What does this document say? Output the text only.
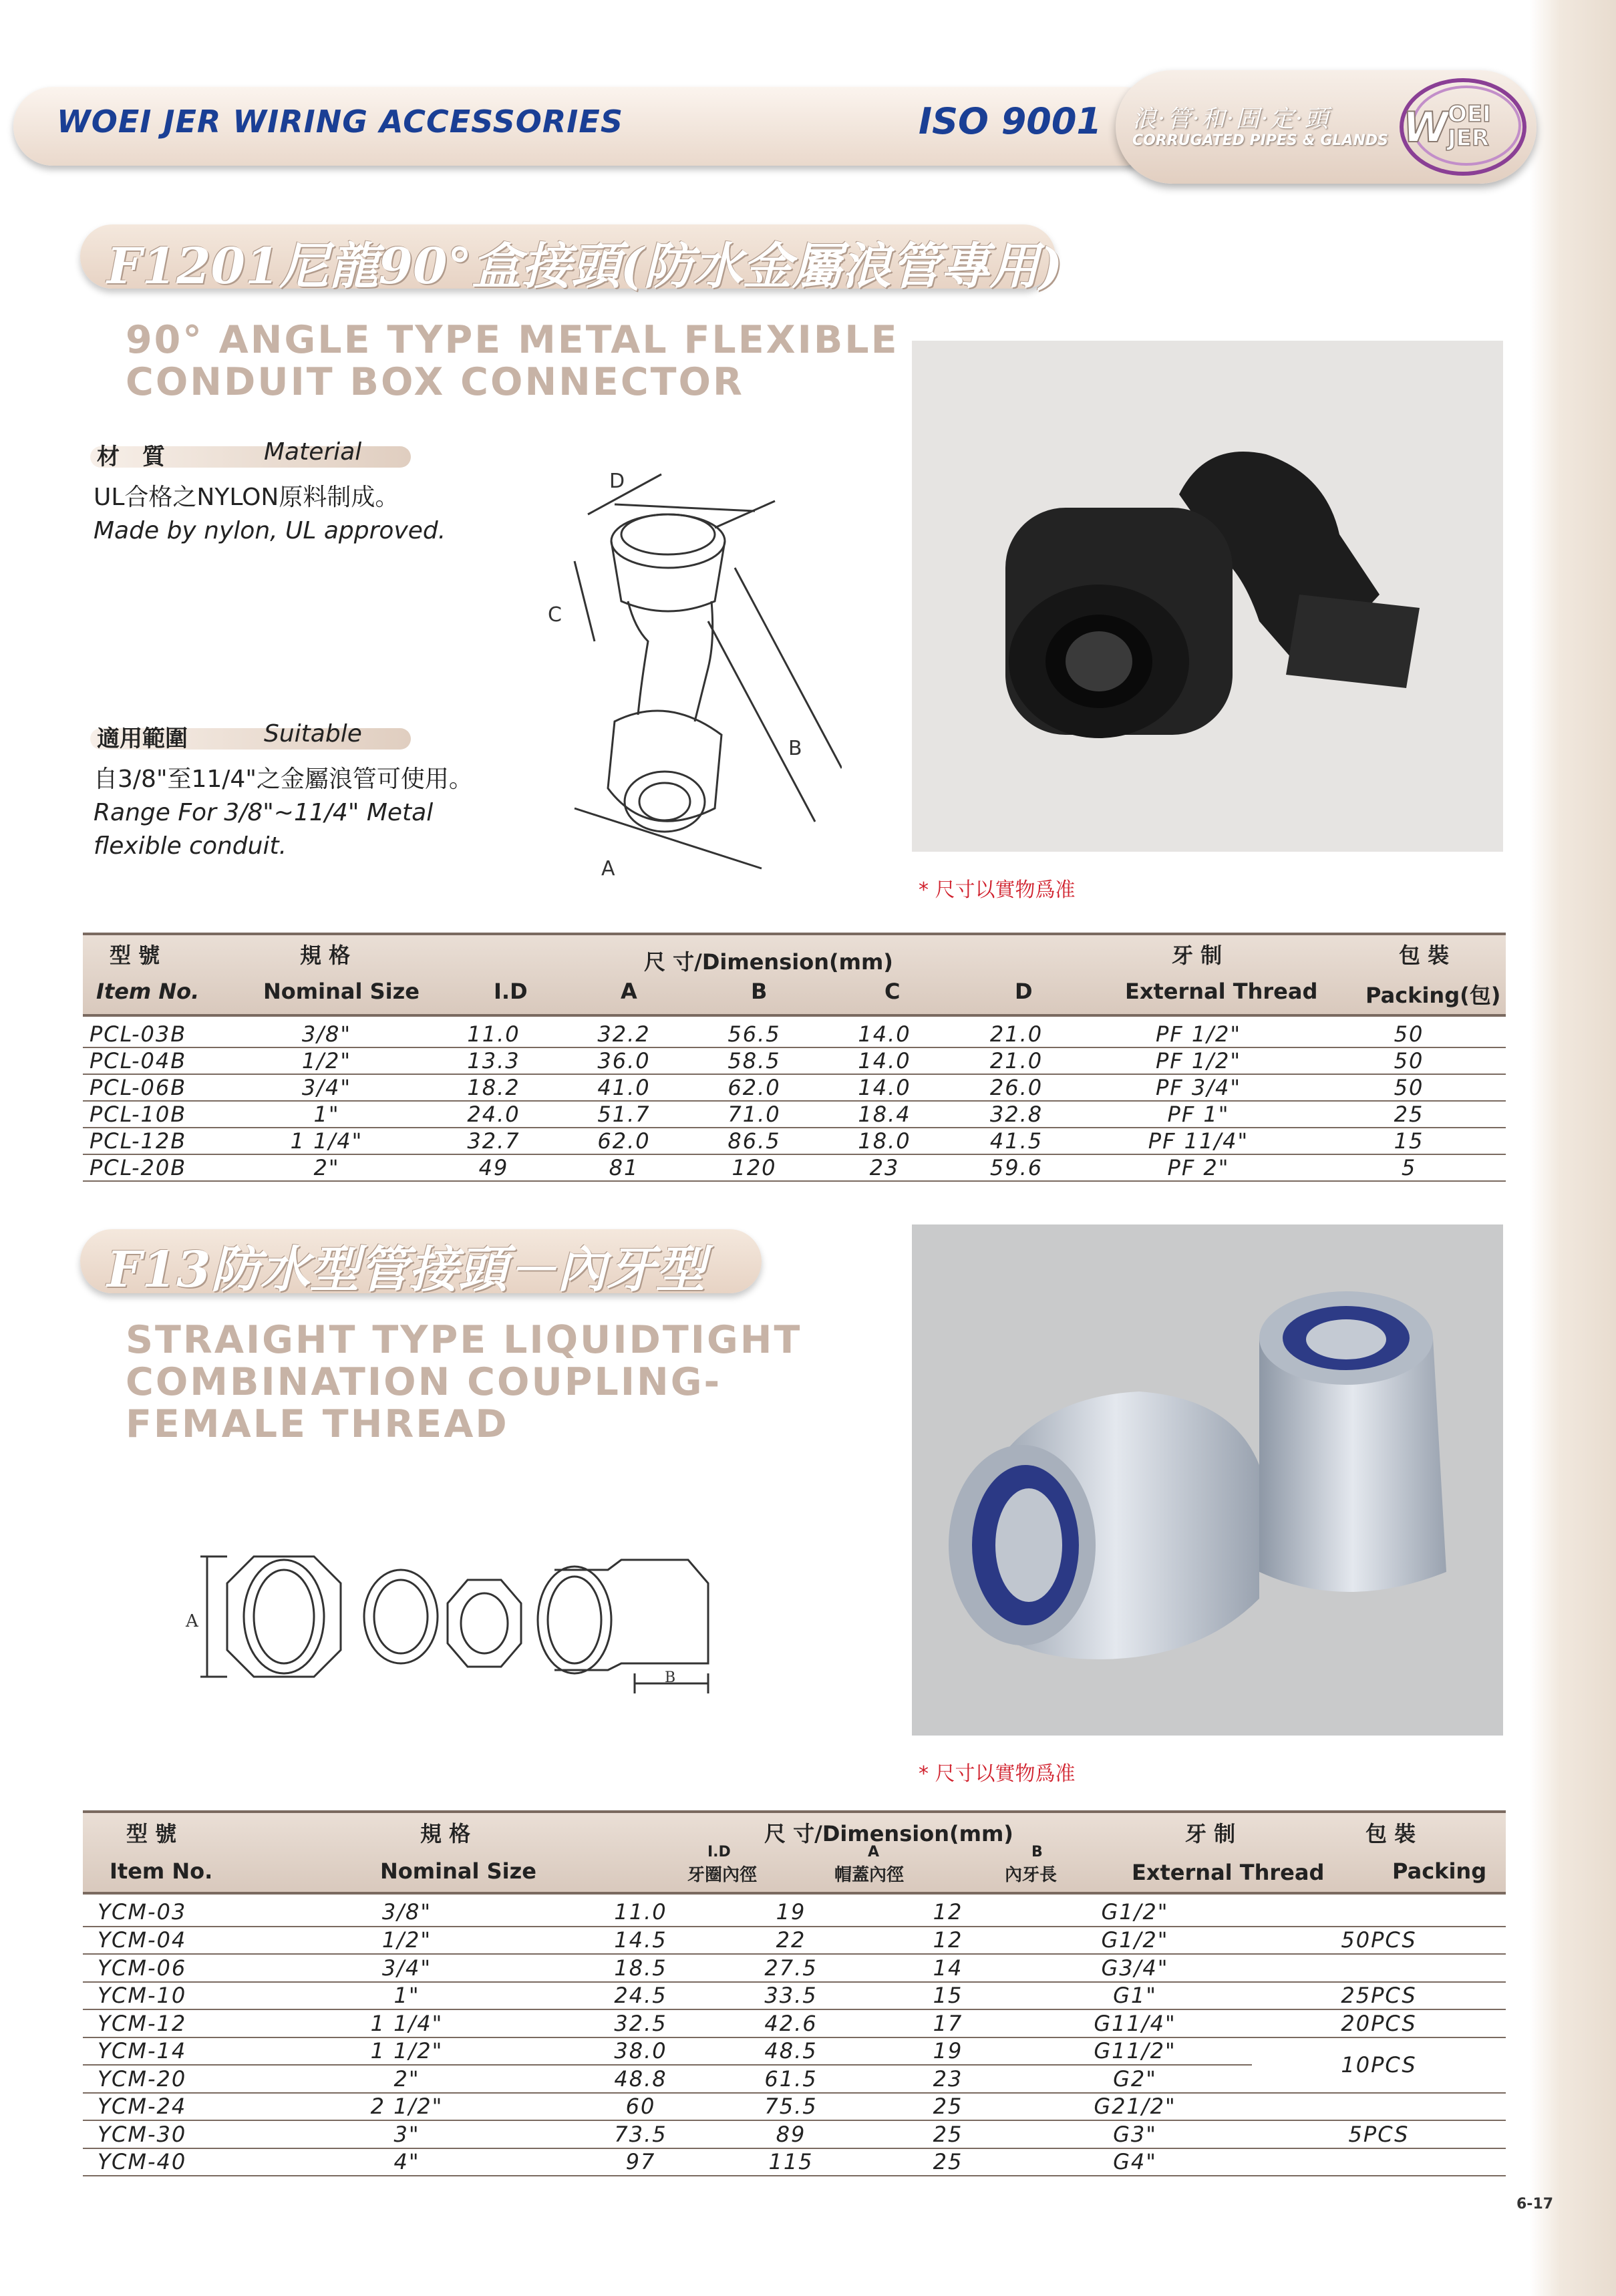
WOEI JER WIRING ACCESSORIES	ISO 9001 浪·管·和·固·定·頭
CORRUGATED PIPES & GLANDS W
OEI
JER
F1201尼龍90°盒接頭(防水金屬浪管專用)
90° ANGLE TYPE METAL FLEXIBLE
CONDUIT BOX CONNECTOR
材　質	Material
UL合格之NYLON原料制成。
Made by nylon, UL approved.
適用範圍	Suitable
自3/8"至11/4"之金屬浪管可使用。
Range For 3/8"~11/4" Metal
flexible conduit.
D
C
B
A
* 尺寸以實物爲准
型 號
Item No.
規 格
Nominal Size
尺 寸/Dimension(mm)
I.D	A	B	C	D
牙 制
External Thread
包 裝
Packing(包)
PCL-03B	3/8"	11.0	32.2	56.5	14.0	21.0	PF 1/2"	50
PCL-04B	1/2"	13.3	36.0	58.5	14.0	21.0	PF 1/2"	50
PCL-06B	3/4"	18.2	41.0	62.0	14.0	26.0	PF 3/4"	50
PCL-10B	1"	24.0	51.7	71.0	18.4	32.8	PF 1"	25
PCL-12B	1 1/4"	32.7	62.0	86.5	18.0	41.5	PF 11/4"	15
PCL-20B	2"	49	81	120	23	59.6	PF 2"	5
F13防水型管接頭－內牙型
STRAIGHT TYPE LIQUIDTIGHT
COMBINATION COUPLING-
FEMALE THREAD
A
B
* 尺寸以實物爲准
型 號
Item No.
規 格
Nominal Size
尺 寸/Dimension(mm)
I.D
牙圈內徑
A
帽蓋內徑
B
內牙長
牙 制
External Thread
包 裝
Packing
YCM-03	3/8"	11.0	19	12	G1/2"	
YCM-04	1/2"	14.5	22	12	G1/2"	50PCS
YCM-06	3/4"	18.5	27.5	14	G3/4"	
YCM-10	1"	24.5	33.5	15	G1"	25PCS
YCM-12	1 1/4"	32.5	42.6	17	G11/4"	20PCS
YCM-14	1 1/2"	38.0	48.5	19	G11/2"	10PCS
YCM-20	2"	48.8	61.5	23	G2"	
YCM-24	2 1/2"	60	75.5	25	G21/2"	
YCM-30	3"	73.5	89	25	G3"	5PCS
YCM-40	4"	97	115	25	G4"	
6-17
